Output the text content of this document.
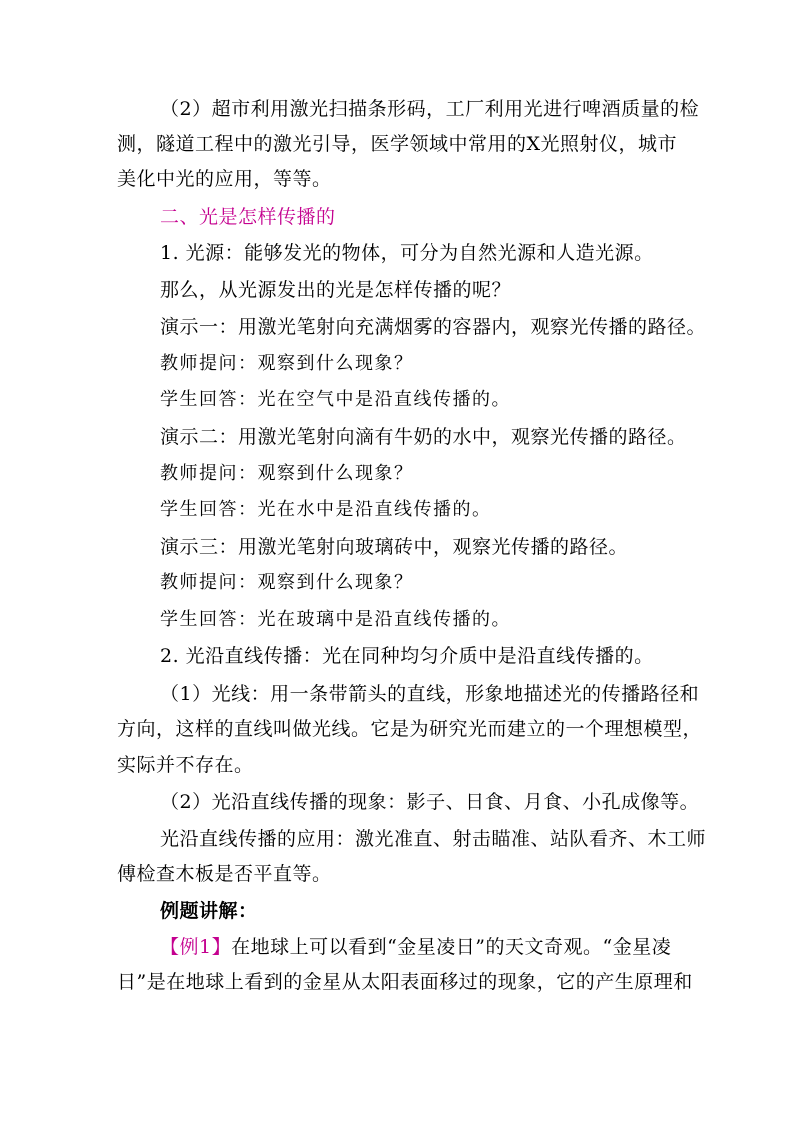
（2）超市利用激光扫描条形码，工厂利用光进行啤酒质量的检
测，隧道工程中的激光引导，医学领域中常用的X光照射仪，城市
美化中光的应用，等等。
二、光是怎样传播的
1. 光源：能够发光的物体，可分为自然光源和人造光源。
那么，从光源发出的光是怎样传播的呢？
演示一：用激光笔射向充满烟雾的容器内，观察光传播的路径。
教师提问：观察到什么现象？
学生回答：光在空气中是沿直线传播的。
演示二：用激光笔射向滴有牛奶的水中，观察光传播的路径。
教师提问：观察到什么现象？
学生回答：光在水中是沿直线传播的。
演示三：用激光笔射向玻璃砖中，观察光传播的路径。
教师提问：观察到什么现象？
学生回答：光在玻璃中是沿直线传播的。
2. 光沿直线传播：光在同种均匀介质中是沿直线传播的。
（1）光线：用一条带箭头的直线，形象地描述光的传播路径和
方向，这样的直线叫做光线。它是为研究光而建立的一个理想模型，
实际并不存在。
（2）光沿直线传播的现象：影子、日食、月食、小孔成像等。
光沿直线传播的应用：激光准直、射击瞄准、站队看齐、木工师
傅检查木板是否平直等。
例题讲解：
【例1】在地球上可以看到“金星凌日”的天文奇观。“金星凌
日”是在地球上看到的金星从太阳表面移过的现象，它的产生原理和
